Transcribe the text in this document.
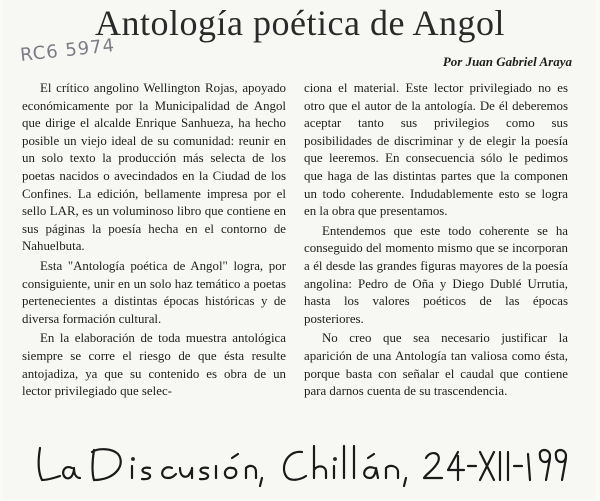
Antología poética de Angol
RC6 5974	Por Juan Gabriel Araya

El crítico angolino Wellington Rojas, apoyado económicamente por la Municipalidad de Angol que dirige el alcalde Enrique Sanhueza, ha hecho posible un viejo ideal de su comunidad: reunir en un solo texto la producción más selecta de los poetas nacidos o avecindados en la Ciudad de los Confines. La edición, bellamente impresa por el sello LAR, es un voluminoso libro que contiene en sus páginas la poesía hecha en el contorno de Nahuelbuta.

Esta "Antología poética de Angol" logra, por consiguiente, unir en un solo haz temático a poetas pertenecientes a distintas épocas históricas y de diversa formación cultural.

En la elaboración de toda muestra antológica siempre se corre el riesgo de que ésta resulte antojadiza, ya que su contenido es obra de un lector privilegiado que selec-

ciona el material. Este lector privilegiado no es otro que el autor de la antología. De él deberemos aceptar tanto sus privilegios como sus posibilidades de discriminar y de elegir la poesía que leeremos. En consecuencia sólo le pedimos que haga de las distintas partes que la componen un todo coherente. Indudablemente esto se logra en la obra que presentamos.

Entendemos que este todo coherente se ha conseguido del momento mismo que se incorporan a él desde las grandes figuras mayores de la poesía angolina: Pedro de Oña y Diego Dublé Urrutia, hasta los valores poéticos de las épocas posteriores.

No creo que sea necesario justificar la aparición de una Antología tan valiosa como ésta, porque basta con señalar el caudal que contiene para darnos cuenta de su trascendencia.
